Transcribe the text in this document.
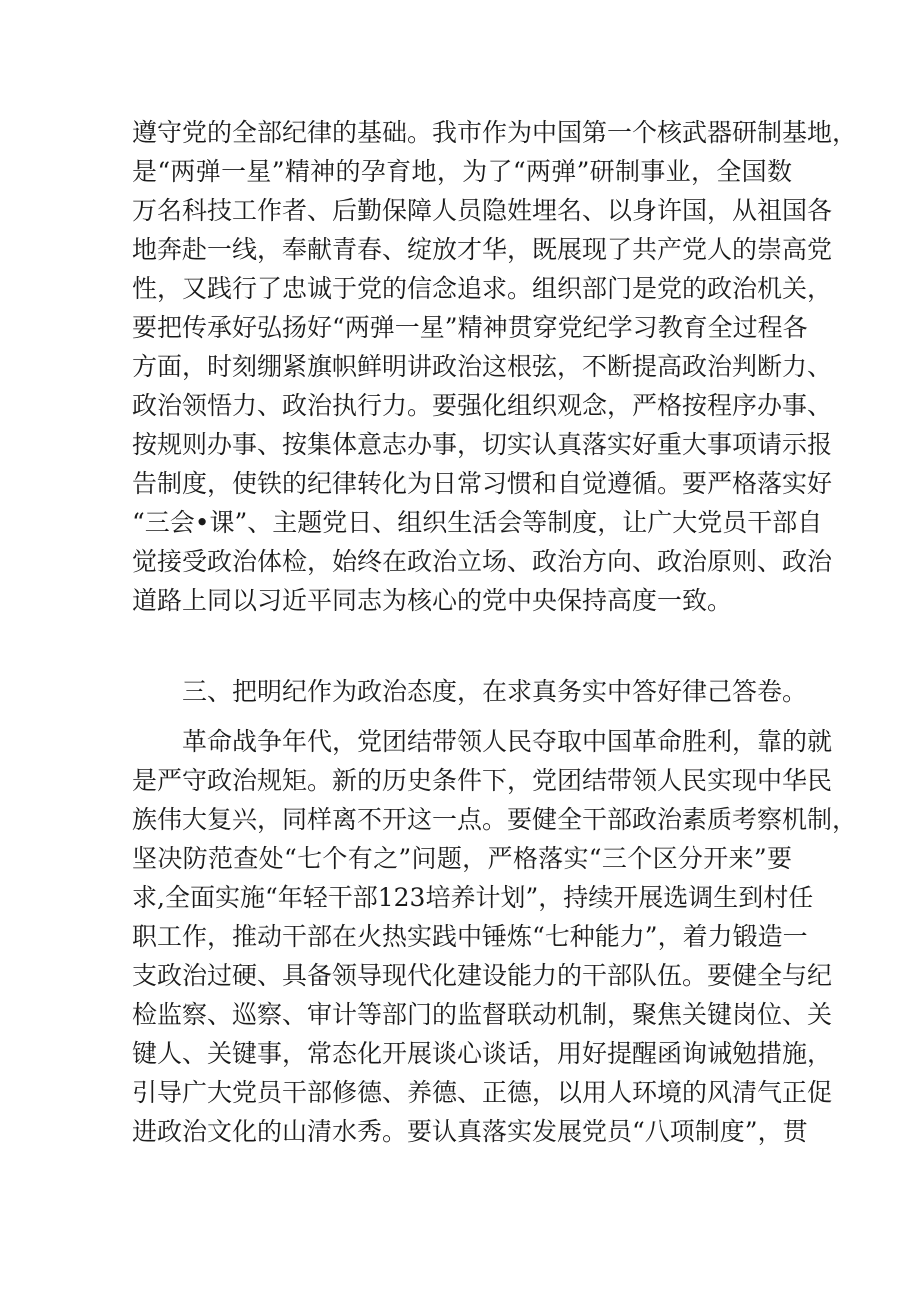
遵守党的全部纪律的基础。我市作为中国第一个核武器研制基地，
是“两弹一星”精神的孕育地，为了“两弹”研制事业，全国数
万名科技工作者、后勤保障人员隐姓埋名、以身许国，从祖国各
地奔赴一线，奉献青春、绽放才华，既展现了共产党人的崇高党
性，又践行了忠诚于党的信念追求。组织部门是党的政治机关，
要把传承好弘扬好“两弹一星”精神贯穿党纪学习教育全过程各
方面，时刻绷紧旗帜鲜明讲政治这根弦，不断提高政治判断力、
政治领悟力、政治执行力。要强化组织观念，严格按程序办事、
按规则办事、按集体意志办事，切实认真落实好重大事项请示报
告制度，使铁的纪律转化为日常习惯和自觉遵循。要严格落实好
“三会•课”、主题党日、组织生活会等制度，让广大党员干部自
觉接受政治体检，始终在政治立场、政治方向、政治原则、政治
道路上同以习近平同志为核心的党中央保持高度一致。
三、把明纪作为政治态度，在求真务实中答好律己答卷。
革命战争年代，党团结带领人民夺取中国革命胜利，靠的就
是严守政治规矩。新的历史条件下，党团结带领人民实现中华民
族伟大复兴，同样离不开这一点。要健全干部政治素质考察机制，
坚决防范查处“七个有之”问题，严格落实“三个区分开来”要
求,全面实施“年轻干部123培养计划”，持续开展选调生到村任
职工作，推动干部在火热实践中锤炼“七种能力”，着力锻造一
支政治过硬、具备领导现代化建设能力的干部队伍。要健全与纪
检监察、巡察、审计等部门的监督联动机制，聚焦关键岗位、关
键人、关键事，常态化开展谈心谈话，用好提醒函询诫勉措施，
引导广大党员干部修德、养德、正德，以用人环境的风清气正促
进政治文化的山清水秀。要认真落实发展党员“八项制度”，贯
